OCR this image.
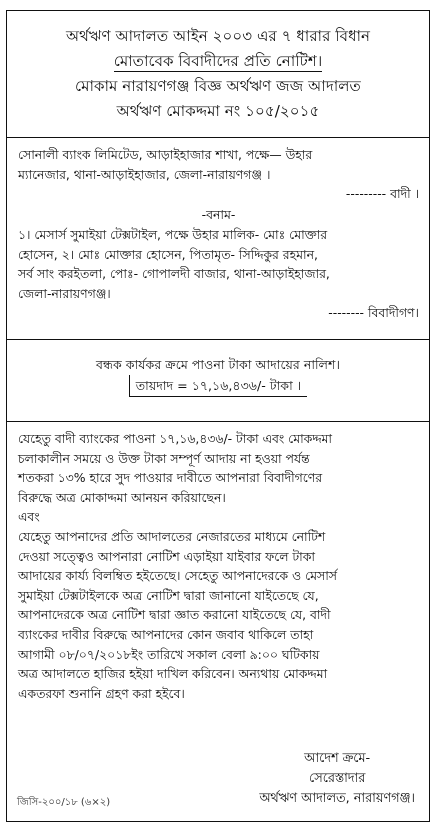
অর্থঋণ আদালত আইন ২০০৩ এর ৭ ধারার বিধান
মোতাবেক বিবাদীদের প্রতি নোটিশ।
মোকাম নারায়ণগঞ্জ বিজ্ঞ অর্থঋণ জজ আদালত
অর্থঋণ মোকদ্দমা নং ১০৫/২০১৫
সোনালী ব্যাংক লিমিটেড, আড়াইহাজার শাখা, পক্ষে— উহার
ম্যানেজার, থানা-আড়াইহাজার, জেলা-নারায়ণগঞ্জ ।
--------- বাদী ।
-বনাম-
১। মেসার্স সুমাইয়া টেক্সটাইল, পক্ষে উহার মালিক- মোঃ মোক্তার
হোসেন, ২। মোঃ মোক্তার হোসেন, পিতামৃত- সিদ্দিকুর রহমান,
সর্ব সাং করইতলা, পোঃ- গোপালদী বাজার, থানা-আড়াইহাজার,
জেলা-নারায়ণগঞ্জ।
-------- বিবাদীগণ।
বন্ধক কার্যকর ক্রমে পাওনা টাকা আদায়ের নালিশ।
তায়দাদ = ১৭,১৬,৪৩৬/- টাকা ।
যেহেতু বাদী ব্যাংকের পাওনা ১৭,১৬,৪৩৬/- টাকা এবং মোকদ্দমা
চলাকালীন সময়ে ও উক্ত টাকা সম্পূর্ণ আদায় না হওয়া পর্যন্ত
শতকরা ১৩% হারে সুদ পাওয়ার দাবীতে আপনারা বিবাদীগণের
বিরুদ্ধে অত্র মোকাদ্দমা আনয়ন করিয়াছেন।
এবং
যেহেতু আপনাদের প্রতি আদালতের নেজারতের মাধ্যমে নোটিশ
দেওয়া সত্ত্বেও আপনারা নোটিশ এড়াইয়া যাইবার ফলে টাকা
আদায়ের কার্য্য বিলম্বিত হইতেছে। সেহেতু আপনাদেরকে ও মেসার্স
সুমাইয়া টেক্সটাইলকে অত্র নোটিশ দ্বারা জানানো যাইতেছে যে,
আপনাদেরকে অত্র নোটিশ দ্বারা জ্ঞাত করানো যাইতেছে যে, বাদী
ব্যাংকের দাবীর বিরুদ্ধে আপনাদের কোন জবাব থাকিলে তাহা
আগামী ০৮/০৭/২০১৮ইং তারিখে সকাল বেলা ৯:০০ ঘটিকায়
অত্র আদালতে হাজির হইয়া দাখিল করিবেন। অন্যথায় মোকদ্দমা
একতরফা শুনানি গ্রহণ করা হইবে।
আদেশ ক্রমে-
সেরেস্তাদার
অর্থঋণ আদালত, নারায়ণগঞ্জ।
জিসি-২০০/১৮ (৬×২)
